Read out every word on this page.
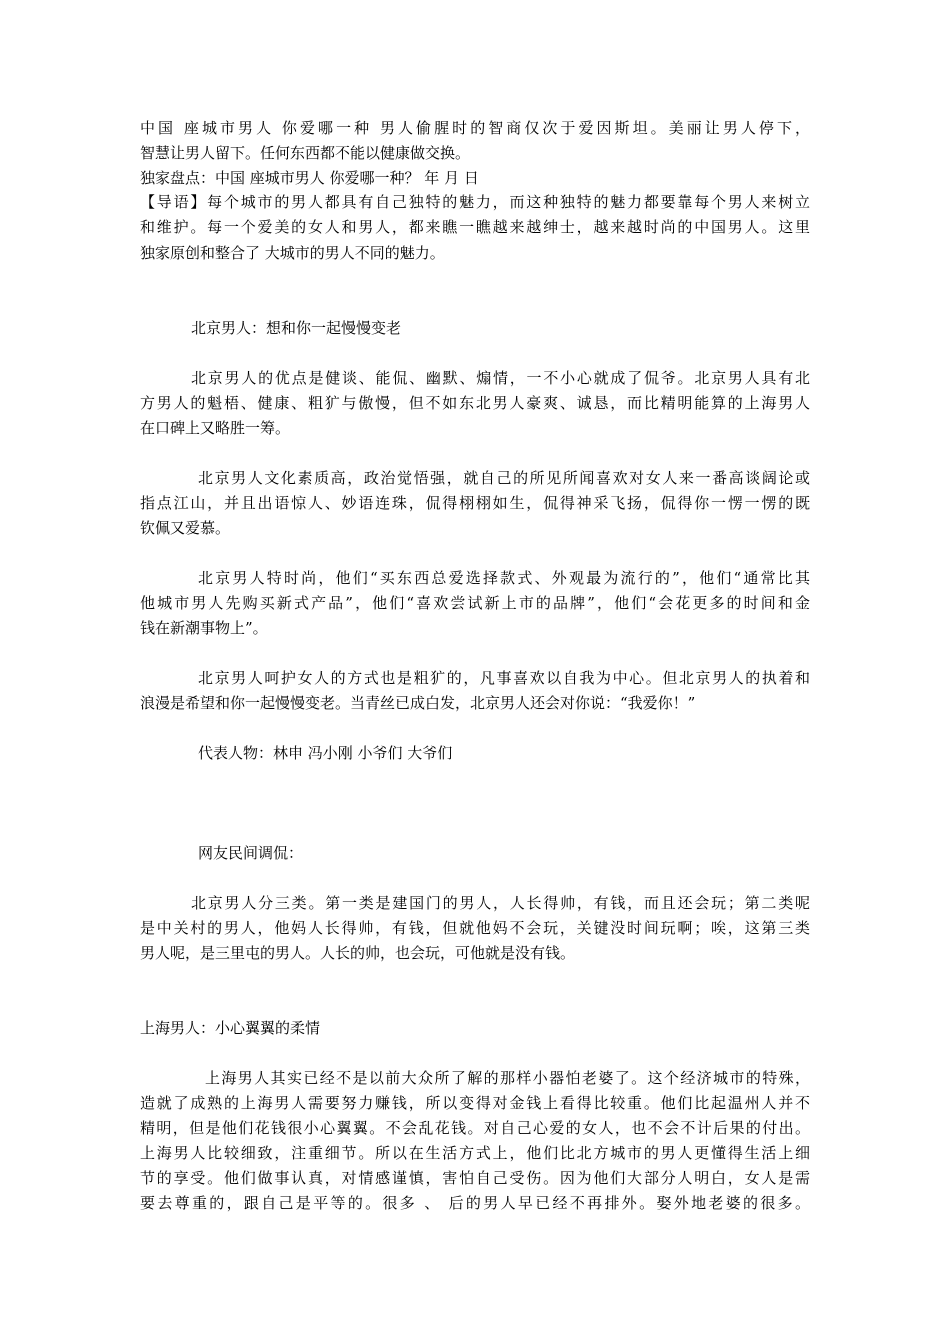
中国 座城市男人 你爱哪一种 男人偷腥时的智商仅次于爱因斯坦。美丽让男人停下，
智慧让男人留下。任何东西都不能以健康做交换。
独家盘点：中国 座城市男人 你爱哪一种？ 年 月 日
【导语】每个城市的男人都具有自己独特的魅力，而这种独特的魅力都要靠每个男人来树立
和维护。每一个爱美的女人和男人，都来瞧一瞧越来越绅士，越来越时尚的中国男人。这里
独家原创和整合了 大城市的男人不同的魅力。
北京男人：想和你一起慢慢变老
北京男人的优点是健谈、能侃、幽默、煽情，一不小心就成了侃爷。北京男人具有北
方男人的魁梧、健康、粗犷与傲慢，但不如东北男人豪爽、诚恳，而比精明能算的上海男人
在口碑上又略胜一筹。
北京男人文化素质高，政治觉悟强，就自己的所见所闻喜欢对女人来一番高谈阔论或
指点江山，并且出语惊人、妙语连珠，侃得栩栩如生，侃得神采飞扬，侃得你一愣一愣的既
钦佩又爱慕。
北京男人特时尚，他们“买东西总爱选择款式、外观最为流行的”，他们“通常比其
他城市男人先购买新式产品”，他们“喜欢尝试新上市的品牌”，他们“会花更多的时间和金
钱在新潮事物上”。
北京男人呵护女人的方式也是粗犷的，凡事喜欢以自我为中心。但北京男人的执着和
浪漫是希望和你一起慢慢变老。当青丝已成白发，北京男人还会对你说：“我爱你！”
代表人物：林申 冯小刚 小爷们 大爷们
网友民间调侃：
北京男人分三类。第一类是建国门的男人，人长得帅，有钱，而且还会玩；第二类呢
是中关村的男人，他妈人长得帅，有钱，但就他妈不会玩，关键没时间玩啊；唉，这第三类
男人呢，是三里屯的男人。人长的帅，也会玩，可他就是没有钱。
上海男人：小心翼翼的柔情
上海男人其实已经不是以前大众所了解的那样小器怕老婆了。这个经济城市的特殊，
造就了成熟的上海男人需要努力赚钱，所以变得对金钱上看得比较重。他们比起温州人并不
精明，但是他们花钱很小心翼翼。不会乱花钱。对自己心爱的女人，也不会不计后果的付出。
上海男人比较细致，注重细节。所以在生活方式上，他们比北方城市的男人更懂得生活上细
节的享受。他们做事认真，对情感谨慎，害怕自己受伤。因为他们大部分人明白，女人是需
要去尊重的，跟自己是平等的。很多 、 后的男人早已经不再排外。娶外地老婆的很多。
